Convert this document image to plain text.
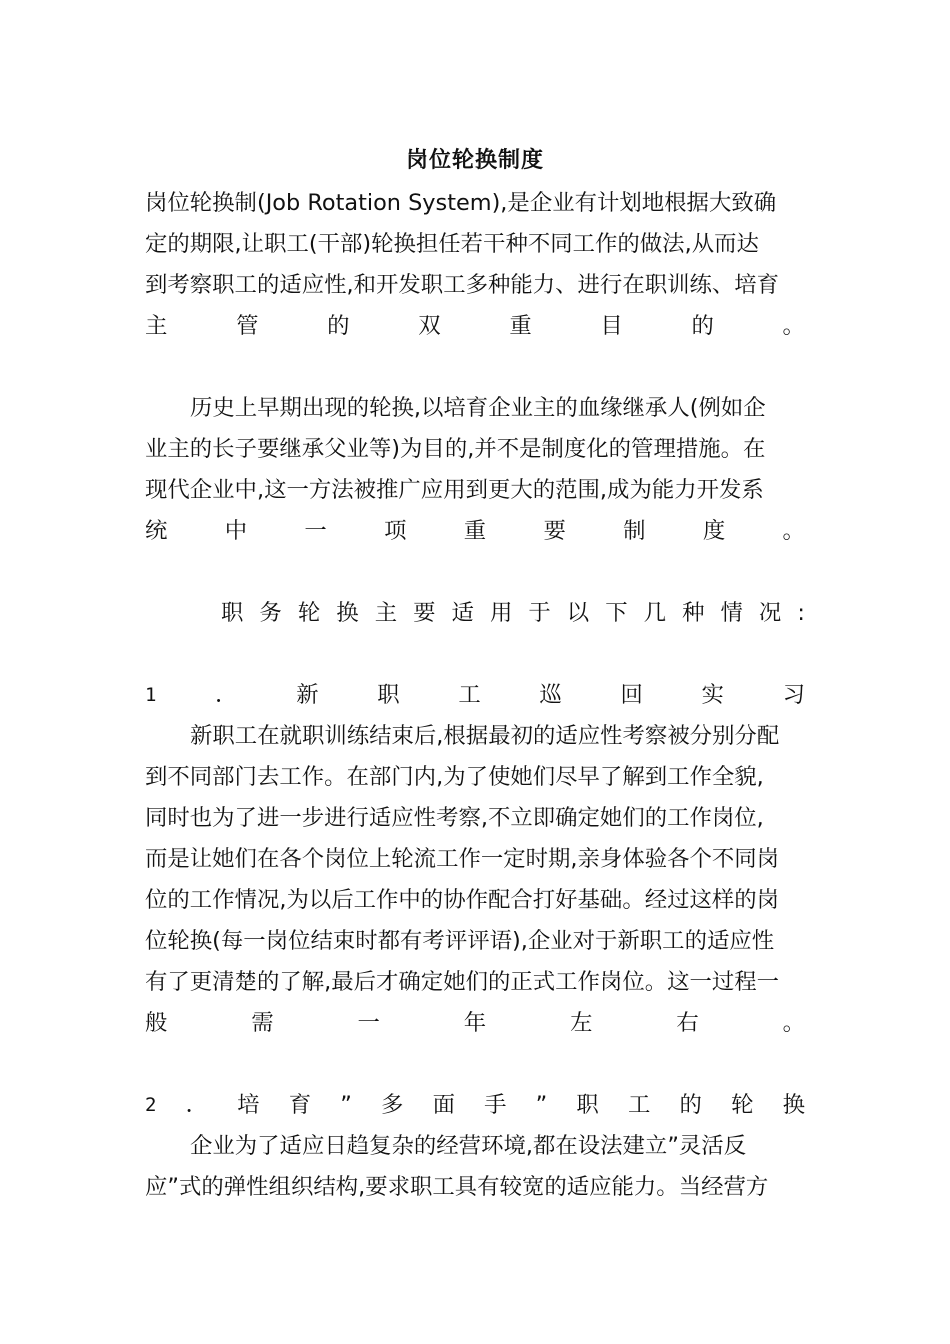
岗位轮换制度
岗位轮换制(Job Rotation System),是企业有计划地根据大致确
定的期限,让职工(干部)轮换担任若干种不同工作的做法,从而达
到考察职工的适应性,和开发职工多种能力、进行在职训练、培育
主	管	的	双	重	目	的	。
历史上早期出现的轮换,以培育企业主的血缘继承人(例如企
业主的长子要继承父业等)为目的,并不是制度化的管理措施。在
现代企业中,这一方法被推广应用到更大的范围,成为能力开发系
统	中	一	项	重	要	制	度	。
职 务 轮 换 主 要 适 用 于 以 下 几 种 情 况 :
1	．	新	职	工	巡	回	实	习
新职工在就职训练结束后,根据最初的适应性考察被分别分配
到不同部门去工作。在部门内,为了使她们尽早了解到工作全貌,
同时也为了进一步进行适应性考察,不立即确定她们的工作岗位,
而是让她们在各个岗位上轮流工作一定时期,亲身体验各个不同岗
位的工作情况,为以后工作中的协作配合打好基础。经过这样的岗
位轮换(每一岗位结束时都有考评评语),企业对于新职工的适应性
有了更清楚的了解,最后才确定她们的正式工作岗位。这一过程一
般	需	一	年	左	右	。
2 ． 培 育 ” 多 面 手 ” 职 工 的 轮 换
企业为了适应日趋复杂的经营环境,都在设法建立”灵活反
应”式的弹性组织结构,要求职工具有较宽的适应能力。当经营方
